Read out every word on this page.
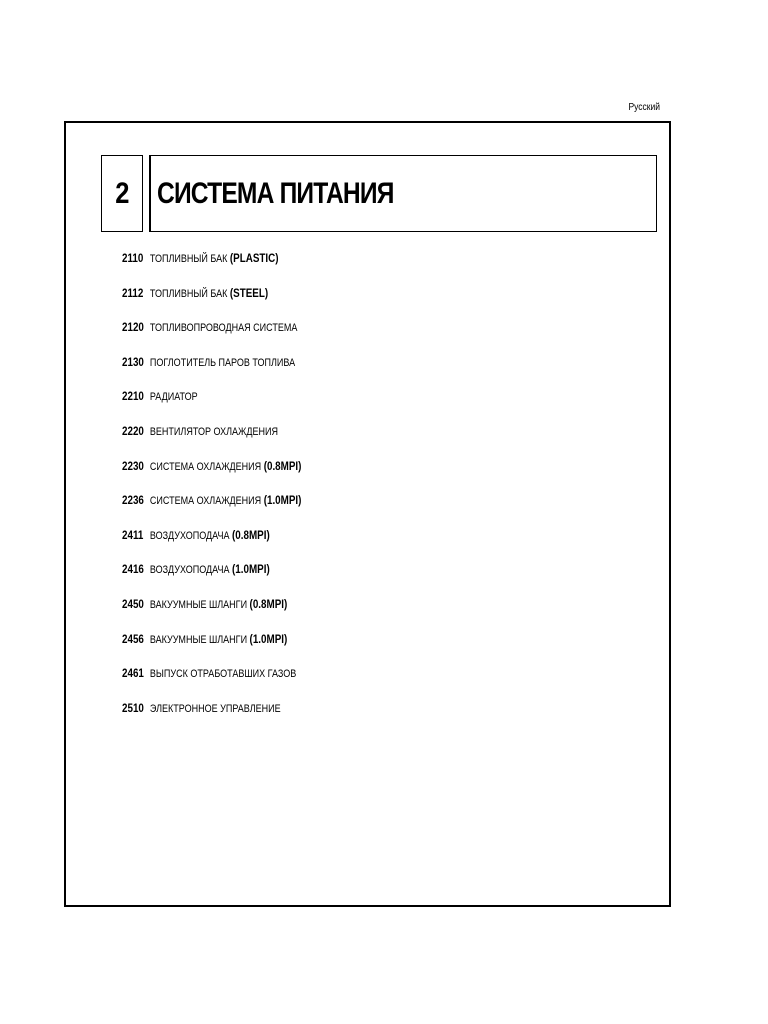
Русский
2 СИСТЕМА ПИТАНИЯ
2110 ТОПЛИВНЫЙ БАК (PLASTIC)
2112 ТОПЛИВНЫЙ БАК (STEEL)
2120 ТОПЛИВОПРОВОДНАЯ СИСТЕМА
2130 ПОГЛОТИТЕЛЬ ПАРОВ ТОПЛИВА
2210 РАДИАТОР
2220 ВЕНТИЛЯТОР ОХЛАЖДЕНИЯ
2230 СИСТЕМА ОХЛАЖДЕНИЯ (0.8MPI)
2236 СИСТЕМА ОХЛАЖДЕНИЯ (1.0MPI)
2411 ВОЗДУХОПОДАЧА (0.8MPI)
2416 ВОЗДУХОПОДАЧА (1.0MPI)
2450 ВАКУУМНЫЕ ШЛАНГИ (0.8MPI)
2456 ВАКУУМНЫЕ ШЛАНГИ (1.0MPI)
2461 ВЫПУСК ОТРАБОТАВШИХ ГАЗОВ
2510 ЭЛЕКТРОННОЕ УПРАВЛЕНИЕ
